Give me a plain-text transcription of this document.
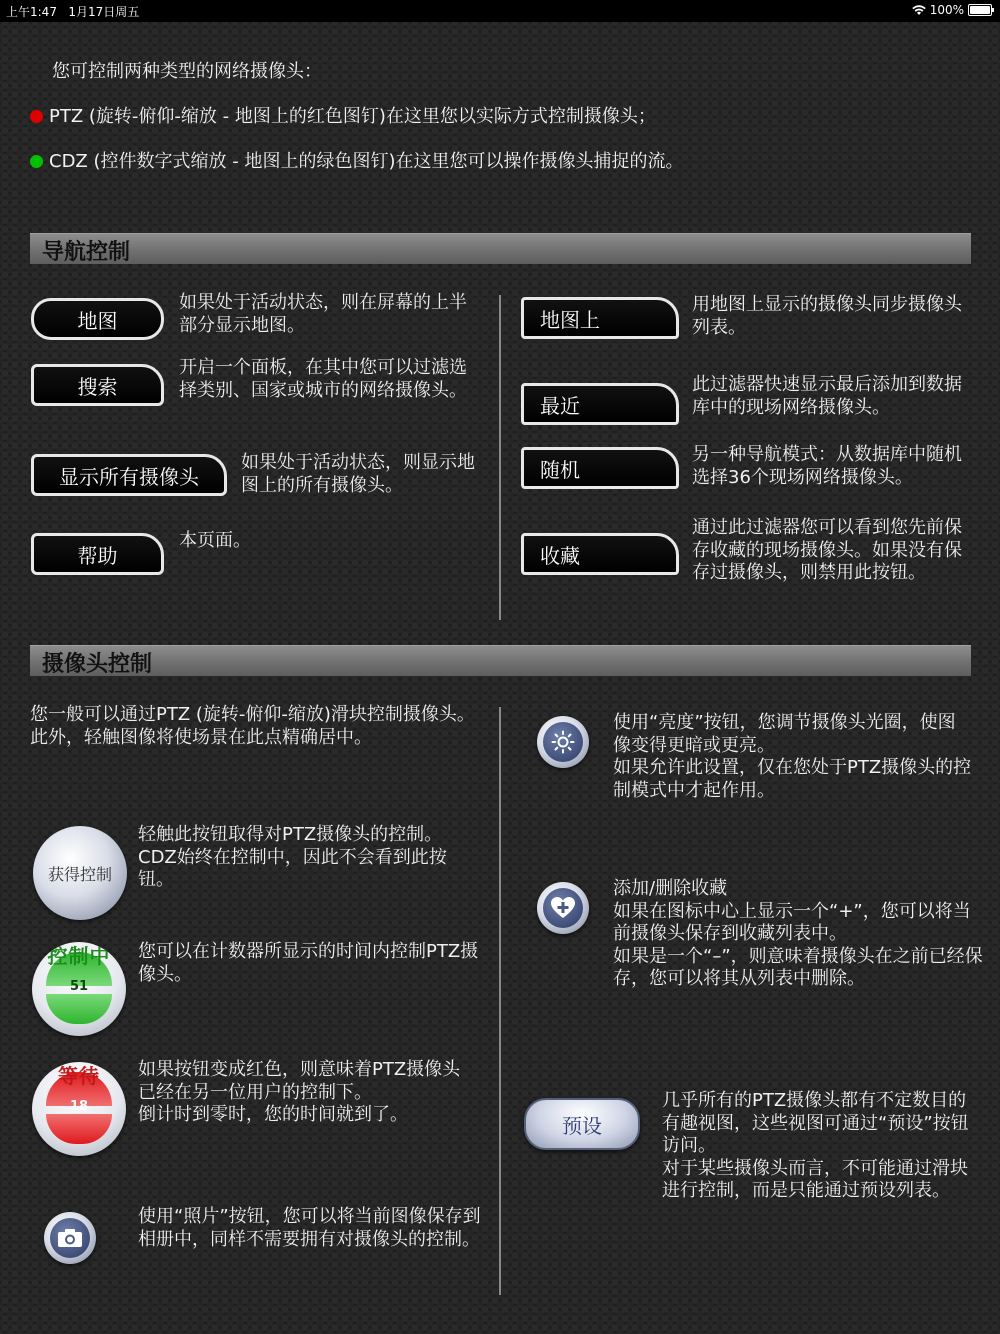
上午1:47 1月17日周五	100%
您可控制两种类型的网络摄像头：
PTZ (旋转-俯仰-缩放 - 地图上的红色图钉)在这里您以实际方式控制摄像头；
CDZ (控件数字式缩放 - 地图上的绿色图钉)在这里您可以操作摄像头捕捉的流。
导航控制
地图
如果处于活动状态，则在屏幕的上半部分显示地图。
搜索
开启一个面板，在其中您可以过滤选择类别、国家或城市的网络摄像头。
显示所有摄像头
如果处于活动状态，则显示地图上的所有摄像头。
帮助
本页面。
地图上
用地图上显示的摄像头同步摄像头列表。
最近
此过滤器快速显示最后添加到数据库中的现场网络摄像头。
随机
另一种导航模式：从数据库中随机选择36个现场网络摄像头。
收藏
通过此过滤器您可以看到您先前保存收藏的现场摄像头。如果没有保存过摄像头，则禁用此按钮。
摄像头控制
您一般可以通过PTZ (旋转-俯仰-缩放)滑块控制摄像头。
此外，轻触图像将使场景在此点精确居中。
获得控制
轻触此按钮取得对PTZ摄像头的控制。CDZ始终在控制中，因此不会看到此按钮。
控制中
51
您可以在计数器所显示的时间内控制PTZ摄像头。
等待
18
如果按钮变成红色，则意味着PTZ摄像头已经在另一位用户的控制下。
倒计时到零时，您的时间就到了。
使用“照片”按钮，您可以将当前图像保存到相册中，同样不需要拥有对摄像头的控制。
使用“亮度”按钮，您调节摄像头光圈，使图像变得更暗或更亮。
如果允许此设置，仅在您处于PTZ摄像头的控制模式中才起作用。
添加/删除收藏
如果在图标中心上显示一个“+”，您可以将当前摄像头保存到收藏列表中。
如果是一个“–”，则意味着摄像头在之前已经保存，您可以将其从列表中删除。
预设
几乎所有的PTZ摄像头都有不定数目的有趣视图，这些视图可通过“预设”按钮访问。
对于某些摄像头而言，不可能通过滑块进行控制，而是只能通过预设列表。
